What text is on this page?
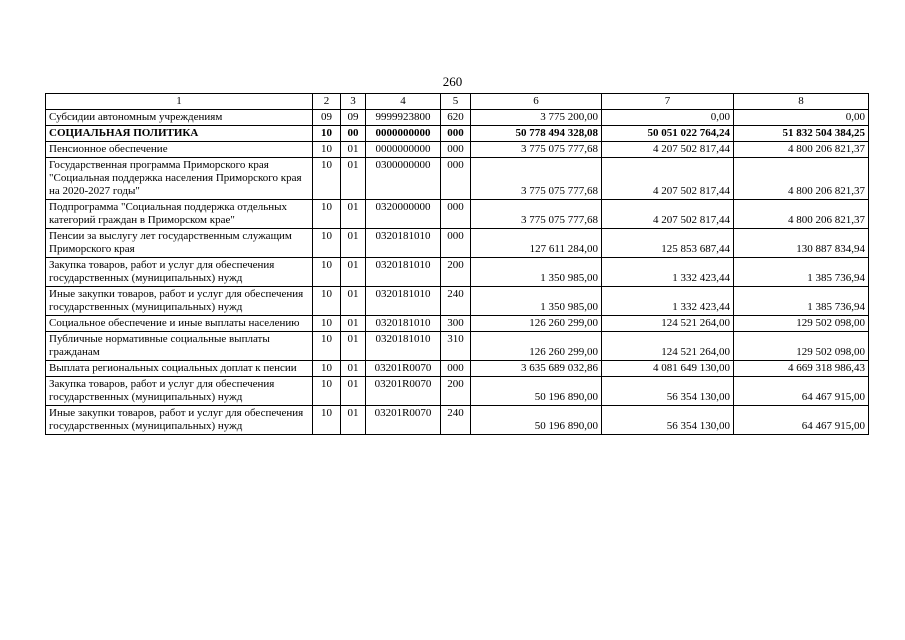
260
1	2	3	4	5	6	7	8
Субсидии автономным учреждениям	09	09	9999923800	620	3 775 200,00	0,00	0,00
СОЦИАЛЬНАЯ ПОЛИТИКА	10	00	0000000000	000	50 778 494 328,08	50 051 022 764,24	51 832 504 384,25
Пенсионное обеспечение	10	01	0000000000	000	3 775 075 777,68	4 207 502 817,44	4 800 206 821,37
Государственная программа Приморского края "Социальная поддержка населения Приморского края на 2020-2027 годы"	10	01	0300000000	000	3 775 075 777,68	4 207 502 817,44	4 800 206 821,37
Подпрограмма "Социальная поддержка отдельных категорий граждан в Приморском крае"	10	01	0320000000	000	3 775 075 777,68	4 207 502 817,44	4 800 206 821,37
Пенсии за выслугу лет государственным служащим Приморского края	10	01	0320181010	000	127 611 284,00	125 853 687,44	130 887 834,94
Закупка товаров, работ и услуг для обеспечения государственных (муниципальных) нужд	10	01	0320181010	200	1 350 985,00	1 332 423,44	1 385 736,94
Иные закупки товаров, работ и услуг для обеспечения государственных (муниципальных) нужд	10	01	0320181010	240	1 350 985,00	1 332 423,44	1 385 736,94
Социальное обеспечение и иные выплаты населению	10	01	0320181010	300	126 260 299,00	124 521 264,00	129 502 098,00
Публичные нормативные социальные выплаты гражданам	10	01	0320181010	310	126 260 299,00	124 521 264,00	129 502 098,00
Выплата региональных социальных доплат к пенсии	10	01	03201R0070	000	3 635 689 032,86	4 081 649 130,00	4 669 318 986,43
Закупка товаров, работ и услуг для обеспечения государственных (муниципальных) нужд	10	01	03201R0070	200	50 196 890,00	56 354 130,00	64 467 915,00
Иные закупки товаров, работ и услуг для обеспечения государственных (муниципальных) нужд	10	01	03201R0070	240	50 196 890,00	56 354 130,00	64 467 915,00
